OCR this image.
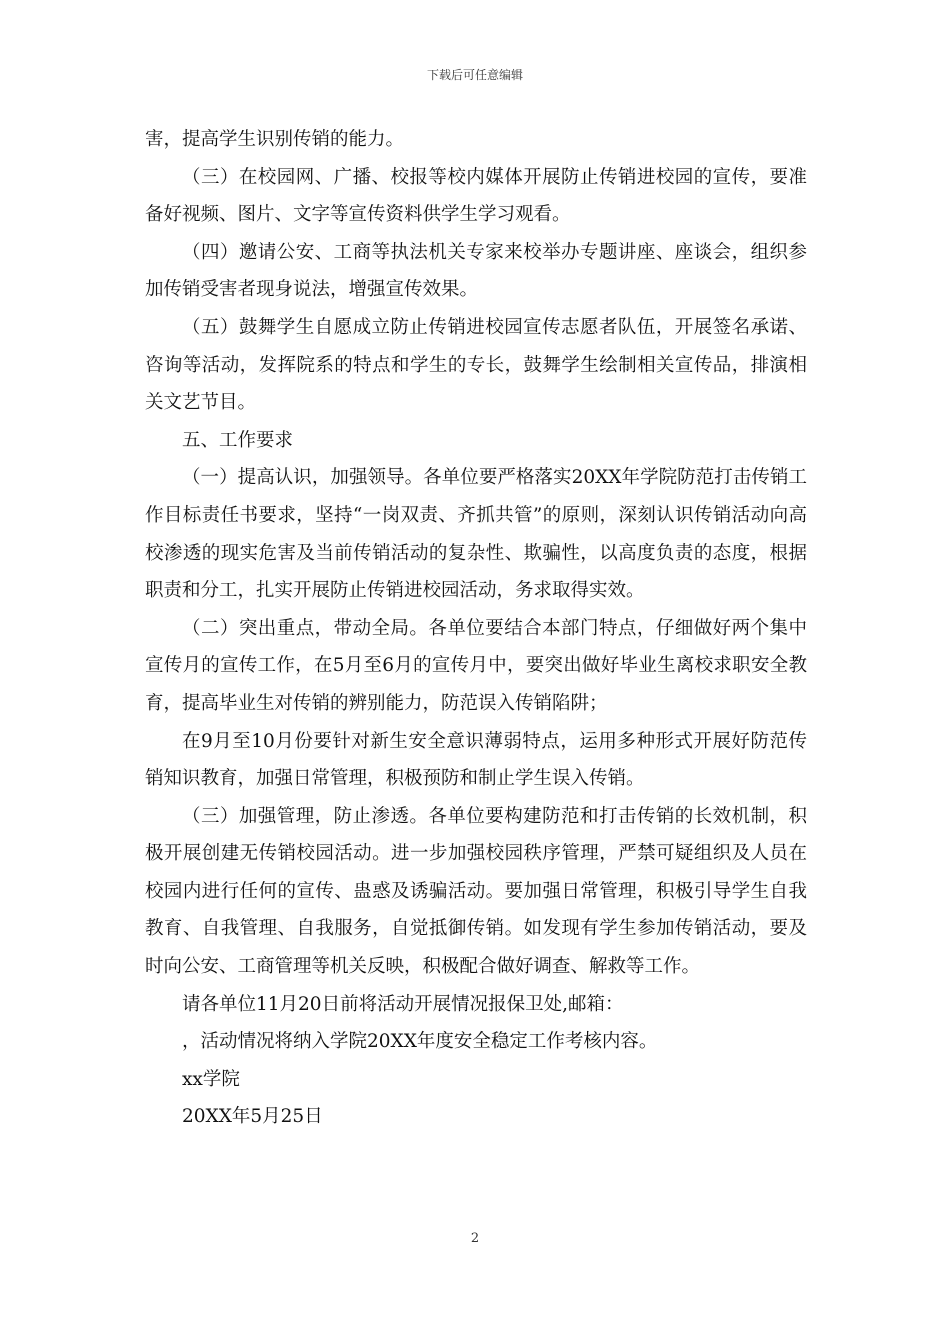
下载后可任意编辑

害，提高学生识别传销的能力。

（三）在校园网、广播、校报等校内媒体开展防止传销进校园的宣传，要准备好视频、图片、文字等宣传资料供学生学习观看。

（四）邀请公安、工商等执法机关专家来校举办专题讲座、座谈会，组织参加传销受害者现身说法，增强宣传效果。

（五）鼓舞学生自愿成立防止传销进校园宣传志愿者队伍，开展签名承诺、咨询等活动，发挥院系的特点和学生的专长，鼓舞学生绘制相关宣传品，排演相关文艺节目。

五、工作要求

（一）提高认识，加强领导。各单位要严格落实20XX年学院防范打击传销工作目标责任书要求，坚持“一岗双责、齐抓共管”的原则，深刻认识传销活动向高校渗透的现实危害及当前传销活动的复杂性、欺骗性，以高度负责的态度，根据职责和分工，扎实开展防止传销进校园活动，务求取得实效。

（二）突出重点，带动全局。各单位要结合本部门特点，仔细做好两个集中宣传月的宣传工作，在5月至6月的宣传月中，要突出做好毕业生离校求职安全教育，提高毕业生对传销的辨别能力，防范误入传销陷阱；

在9月至10月份要针对新生安全意识薄弱特点，运用多种形式开展好防范传销知识教育，加强日常管理，积极预防和制止学生误入传销。

（三）加强管理，防止渗透。各单位要构建防范和打击传销的长效机制，积极开展创建无传销校园活动。进一步加强校园秩序管理，严禁可疑组织及人员在校园内进行任何的宣传、蛊惑及诱骗活动。要加强日常管理，积极引导学生自我教育、自我管理、自我服务，自觉抵御传销。如发现有学生参加传销活动，要及时向公安、工商管理等机关反映，积极配合做好调查、解救等工作。

请各单位11月20日前将活动开展情况报保卫处,邮箱：

，活动情况将纳入学院20XX年度安全稳定工作考核内容。

xx学院

20XX年5月25日

2
